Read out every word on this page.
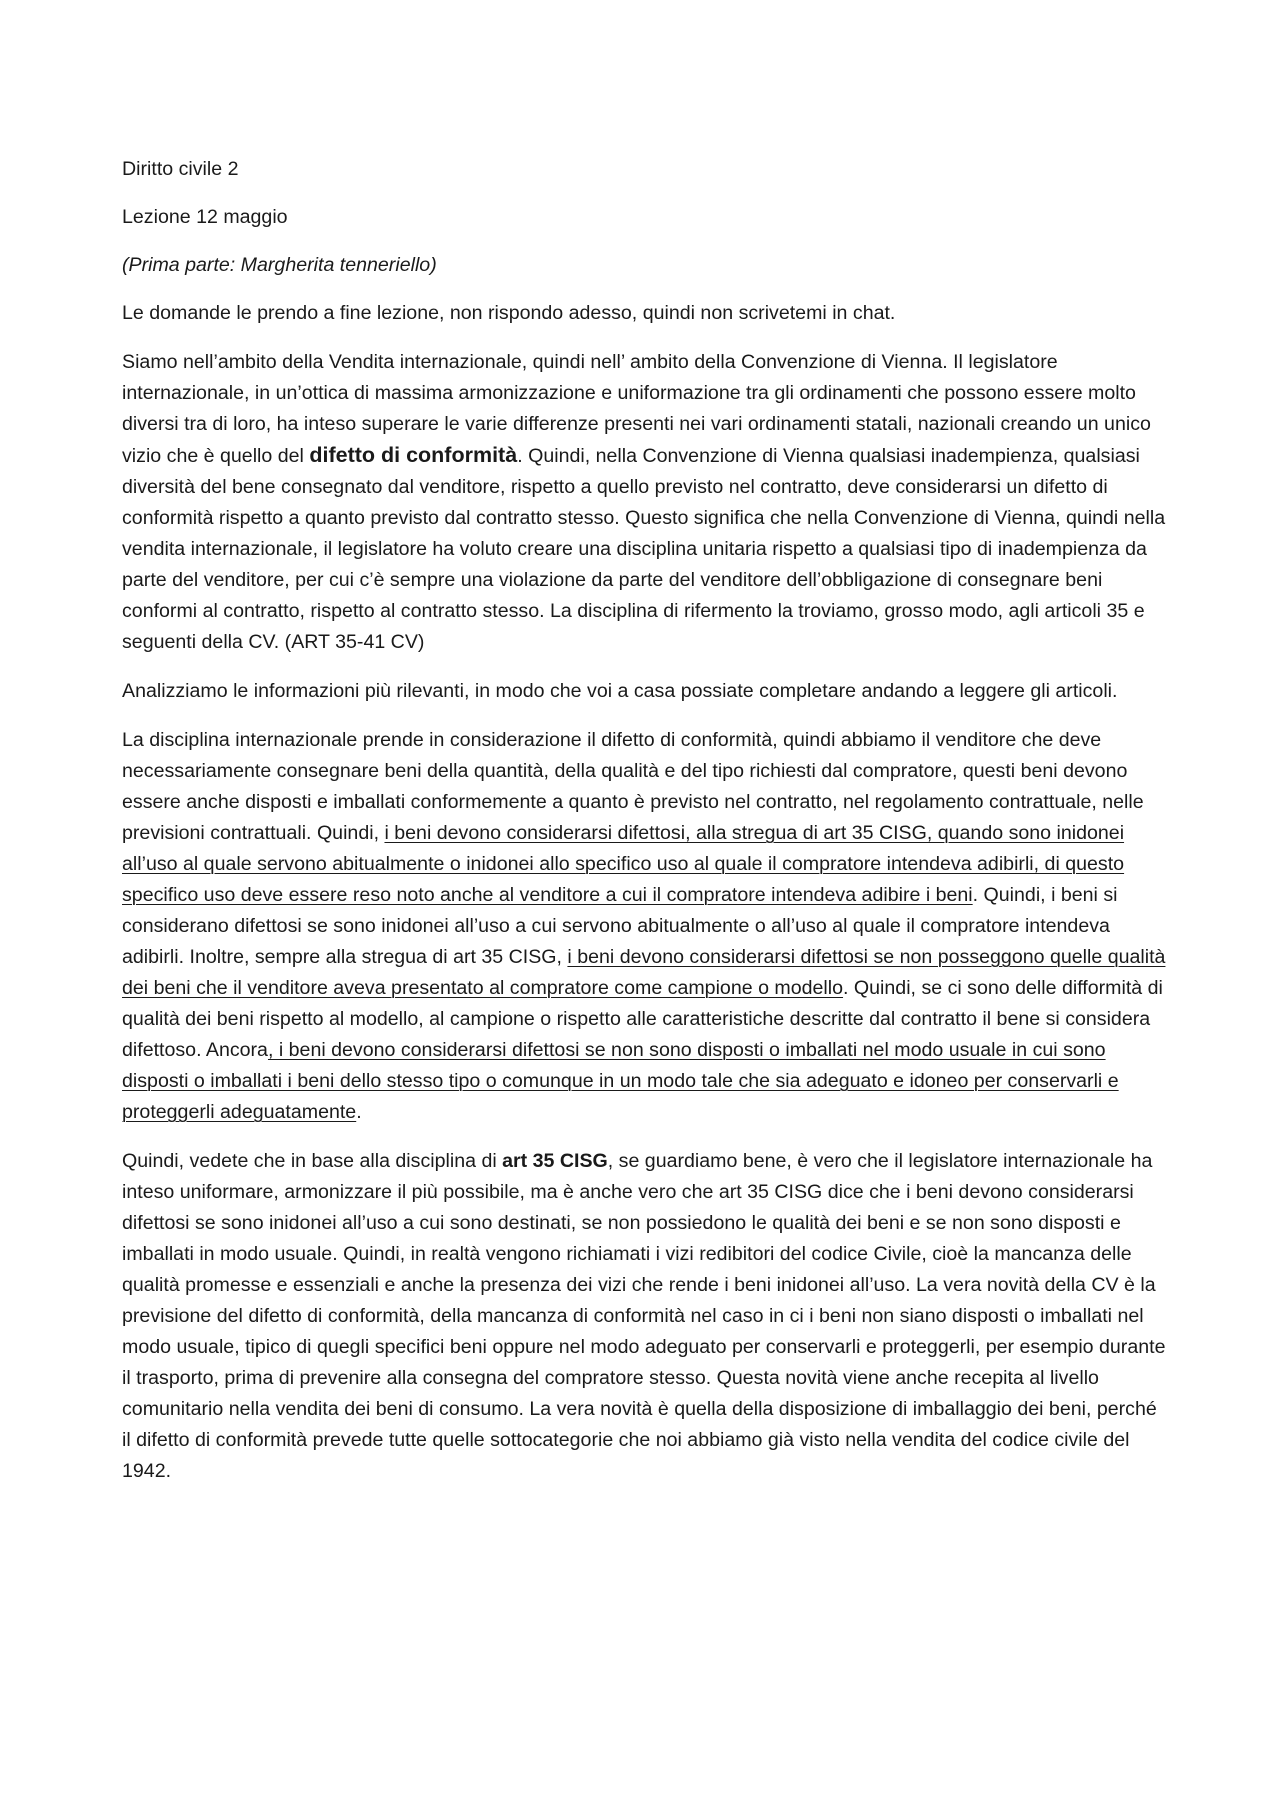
Diritto civile 2

Lezione 12 maggio

(Prima parte: Margherita tenneriello)

Le domande le prendo a fine lezione, non rispondo adesso, quindi non scrivetemi in chat.

Siamo nell’ambito della Vendita internazionale, quindi nell’ ambito della Convenzione di Vienna. Il legislatore internazionale, in un’ottica di massima armonizzazione e uniformazione tra gli ordinamenti che possono essere molto diversi tra di loro, ha inteso superare le varie differenze presenti nei vari ordinamenti statali, nazionali creando un unico vizio che è quello del difetto di conformità. Quindi, nella Convenzione di Vienna qualsiasi inadempienza, qualsiasi diversità del bene consegnato dal venditore, rispetto a quello previsto nel contratto, deve considerarsi un difetto di conformità rispetto a quanto previsto dal contratto stesso. Questo significa che nella Convenzione di Vienna, quindi nella vendita internazionale, il legislatore ha voluto creare una disciplina unitaria rispetto a qualsiasi tipo di inadempienza da parte del venditore, per cui c’è sempre una violazione da parte del venditore dell’obbligazione di consegnare beni conformi al contratto, rispetto al contratto stesso. La disciplina di rifermento la troviamo, grosso modo, agli articoli 35 e seguenti della CV. (ART 35-41 CV)

Analizziamo le informazioni più rilevanti, in modo che voi a casa possiate completare andando a leggere gli articoli.

La disciplina internazionale prende in considerazione il difetto di conformità, quindi abbiamo il venditore che deve necessariamente consegnare beni della quantità, della qualità e del tipo richiesti dal compratore, questi beni devono essere anche disposti e imballati conformemente a quanto è previsto nel contratto, nel regolamento contrattuale, nelle previsioni contrattuali. Quindi, i beni devono considerarsi difettosi, alla stregua di art 35 CISG, quando sono inidonei all’uso al quale servono abitualmente o inidonei allo specifico uso al quale il compratore intendeva adibirli, di questo specifico uso deve essere reso noto anche al venditore a cui il compratore intendeva adibire i beni. Quindi, i beni si considerano difettosi se sono inidonei all’uso a cui servono abitualmente o all’uso al quale il compratore intendeva adibirli. Inoltre, sempre alla stregua di art 35 CISG, i beni devono considerarsi difettosi se non posseggono quelle qualità dei beni che il venditore aveva presentato al compratore come campione o modello. Quindi, se ci sono delle difformità di qualità dei beni rispetto al modello, al campione o rispetto alle caratteristiche descritte dal contratto il bene si considera difettoso. Ancora, i beni devono considerarsi difettosi se non sono disposti o imballati nel modo usuale in cui sono disposti o imballati i beni dello stesso tipo o comunque in un modo tale che sia adeguato e idoneo per conservarli e proteggerli adeguatamente.

Quindi, vedete che in base alla disciplina di art 35 CISG, se guardiamo bene, è vero che il legislatore internazionale ha inteso uniformare, armonizzare il più possibile, ma è anche vero che art 35 CISG dice che i beni devono considerarsi difettosi se sono inidonei all’uso a cui sono destinati, se non possiedono le qualità dei beni e se non sono disposti e imballati in modo usuale. Quindi, in realtà vengono richiamati i vizi redibitori del codice Civile, cioè la mancanza delle qualità promesse e essenziali e anche la presenza dei vizi che rende i beni inidonei all’uso. La vera novità della CV è la previsione del difetto di conformità, della mancanza di conformità nel caso in ci i beni non siano disposti o imballati nel modo usuale, tipico di quegli specifici beni oppure nel modo adeguato per conservarli e proteggerli, per esempio durante il trasporto, prima di prevenire alla consegna del compratore stesso. Questa novità viene anche recepita al livello comunitario nella vendita dei beni di consumo. La vera novità è quella della disposizione di imballaggio dei beni, perché il difetto di conformità prevede tutte quelle sottocategorie che noi abbiamo già visto nella vendita del codice civile del 1942.
